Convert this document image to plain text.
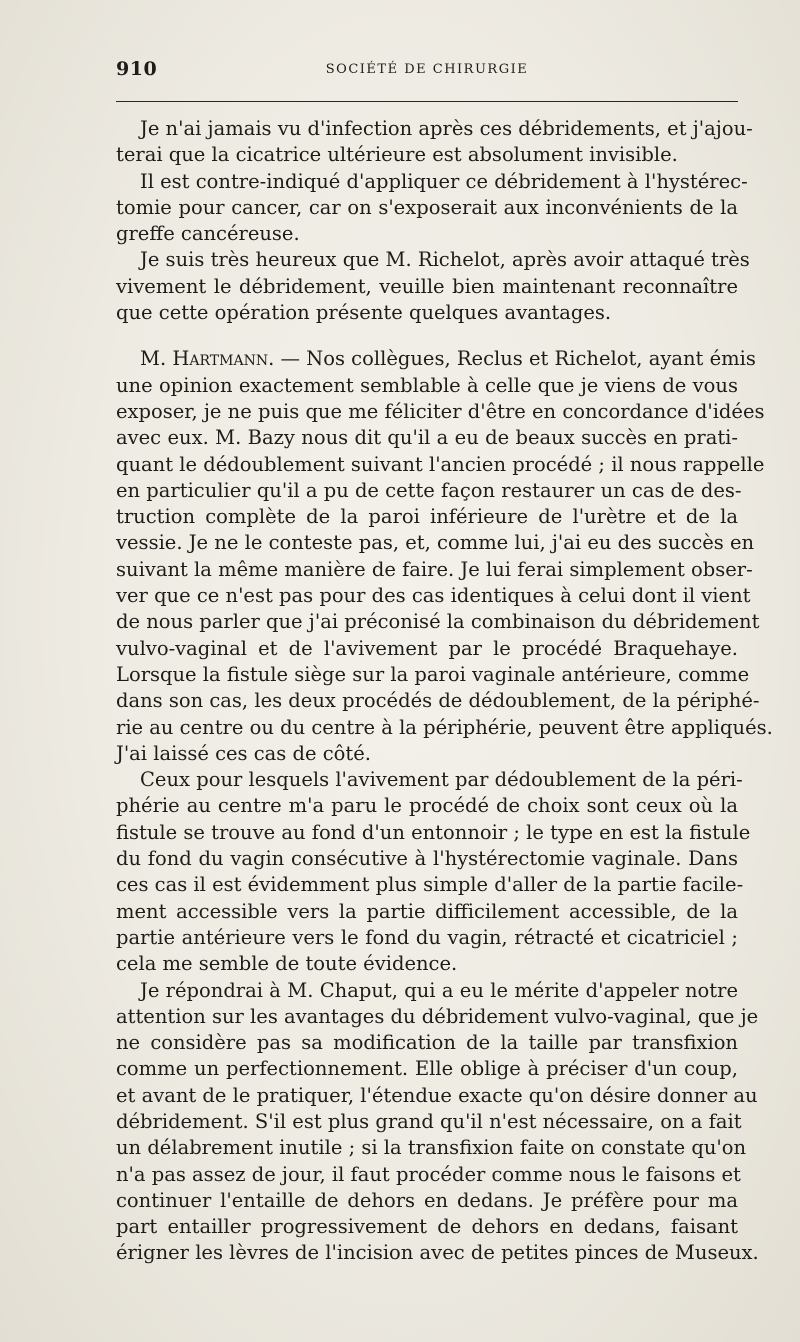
910	SOCIÉTÉ DE CHIRURGIE
Je n'ai jamais vu d'infection après ces débridements, et j'ajou-
terai que la cicatrice ultérieure est absolument invisible.
Il est contre-indiqué d'appliquer ce débridement à l'hystérec-
tomie pour cancer, car on s'exposerait aux inconvénients de la
greffe cancéreuse.
Je suis très heureux que M. Richelot, après avoir attaqué très
vivement le débridement, veuille bien maintenant reconnaître
que cette opération présente quelques avantages.
M. Hartmann. — Nos collègues, Reclus et Richelot, ayant émis
une opinion exactement semblable à celle que je viens de vous
exposer, je ne puis que me féliciter d'être en concordance d'idées
avec eux. M. Bazy nous dit qu'il a eu de beaux succès en prati-
quant le dédoublement suivant l'ancien procédé ; il nous rappelle
en particulier qu'il a pu de cette façon restaurer un cas de des-
truction complète de la paroi inférieure de l'urètre et de la
vessie. Je ne le conteste pas, et, comme lui, j'ai eu des succès en
suivant la même manière de faire. Je lui ferai simplement obser-
ver que ce n'est pas pour des cas identiques à celui dont il vient
de nous parler que j'ai préconisé la combinaison du débridement
vulvo-vaginal et de l'avivement par le procédé Braquehaye.
Lorsque la fistule siège sur la paroi vaginale antérieure, comme
dans son cas, les deux procédés de dédoublement, de la périphé-
rie au centre ou du centre à la périphérie, peuvent être appliqués.
J'ai laissé ces cas de côté.
Ceux pour lesquels l'avivement par dédoublement de la péri-
phérie au centre m'a paru le procédé de choix sont ceux où la
fistule se trouve au fond d'un entonnoir ; le type en est la fistule
du fond du vagin consécutive à l'hystérectomie vaginale. Dans
ces cas il est évidemment plus simple d'aller de la partie facile-
ment accessible vers la partie difficilement accessible, de la
partie antérieure vers le fond du vagin, rétracté et cicatriciel ;
cela me semble de toute évidence.
Je répondrai à M. Chaput, qui a eu le mérite d'appeler notre
attention sur les avantages du débridement vulvo-vaginal, que je
ne considère pas sa modification de la taille par transfixion
comme un perfectionnement. Elle oblige à préciser d'un coup,
et avant de le pratiquer, l'étendue exacte qu'on désire donner au
débridement. S'il est plus grand qu'il n'est nécessaire, on a fait
un délabrement inutile ; si la transfixion faite on constate qu'on
n'a pas assez de jour, il faut procéder comme nous le faisons et
continuer l'entaille de dehors en dedans. Je préfère pour ma
part entailler progressivement de dehors en dedans, faisant
érigner les lèvres de l'incision avec de petites pinces de Museux.
